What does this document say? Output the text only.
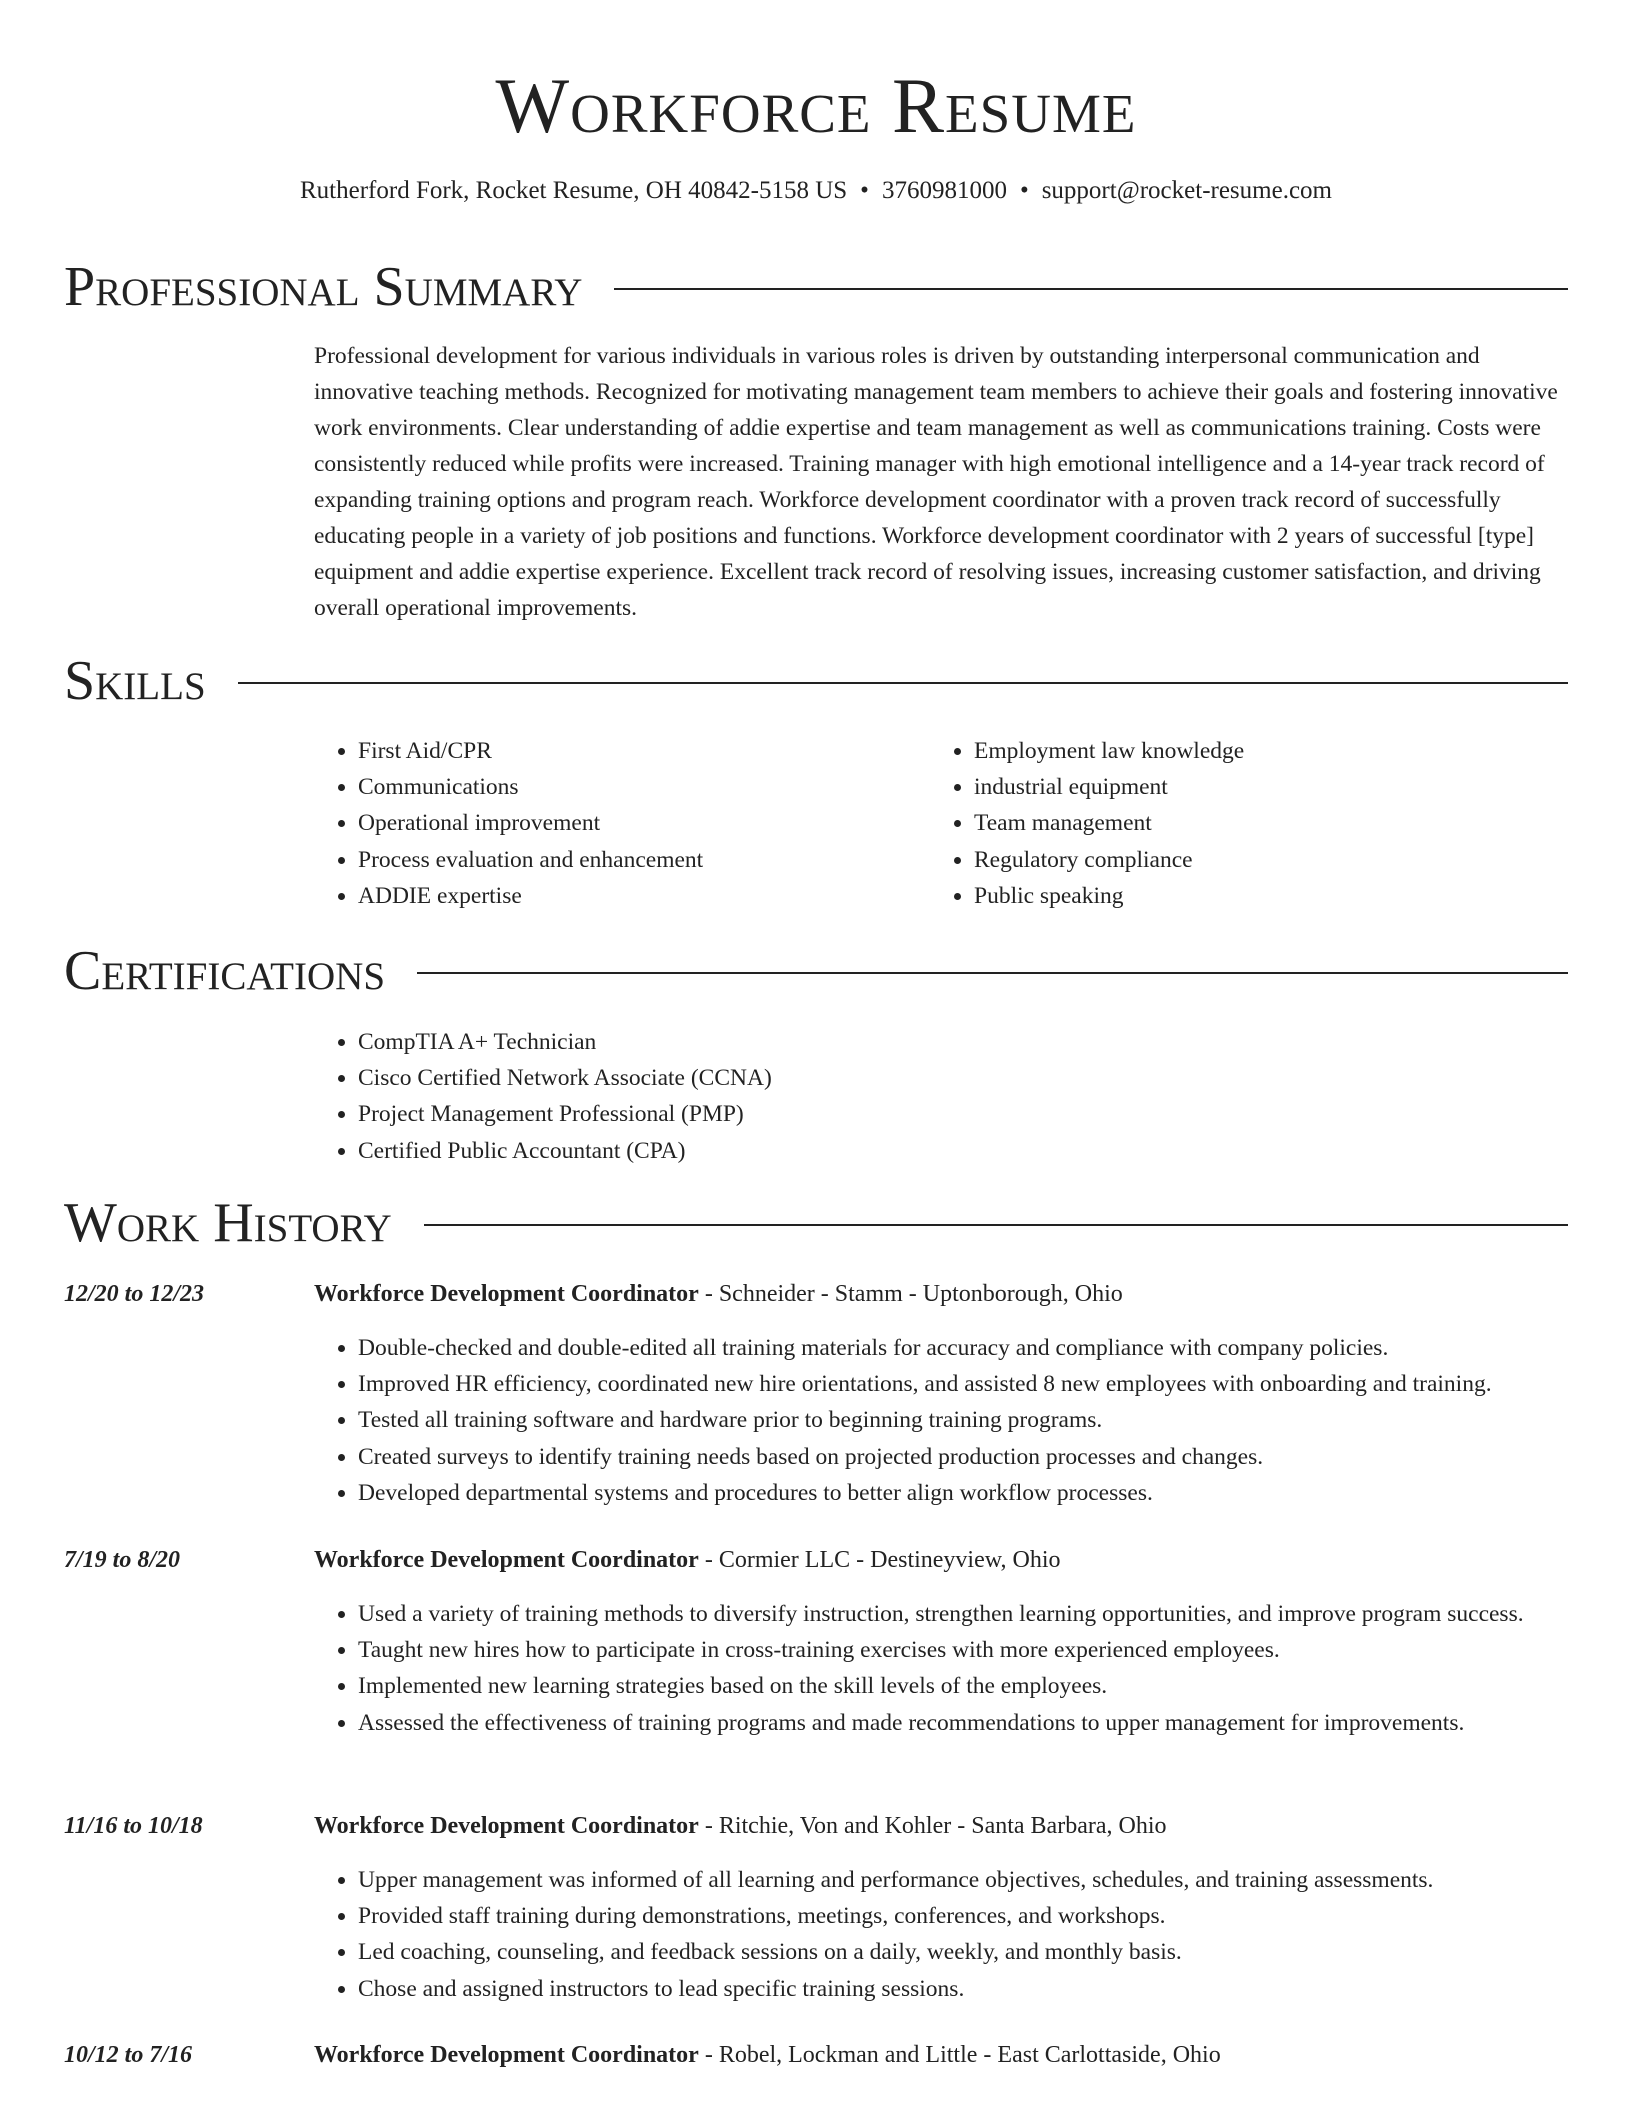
Workforce Resume
Rutherford Fork, Rocket Resume, OH 40842-5158 US • 3760981000 • support@rocket-resume.com
Professional Summary
Professional development for various individuals in various roles is driven by outstanding interpersonal communication and innovative teaching methods. Recognized for motivating management team members to achieve their goals and fostering innovative work environments. Clear understanding of addie expertise and team management as well as communications training. Costs were consistently reduced while profits were increased. Training manager with high emotional intelligence and a 14-year track record of expanding training options and program reach. Workforce development coordinator with a proven track record of successfully educating people in a variety of job positions and functions. Workforce development coordinator with 2 years of successful [type] equipment and addie expertise experience. Excellent track record of resolving issues, increasing customer satisfaction, and driving overall operational improvements.
Skills
• First Aid/CPR
• Communications
• Operational improvement
• Process evaluation and enhancement
• ADDIE expertise
• Employment law knowledge
• industrial equipment
• Team management
• Regulatory compliance
• Public speaking
Certifications
• CompTIA A+ Technician
• Cisco Certified Network Associate (CCNA)
• Project Management Professional (PMP)
• Certified Public Accountant (CPA)
Work History
12/20 to 12/23	Workforce Development Coordinator - Schneider - Stamm - Uptonborough, Ohio
• Double-checked and double-edited all training materials for accuracy and compliance with company policies.
• Improved HR efficiency, coordinated new hire orientations, and assisted 8 new employees with onboarding and training.
• Tested all training software and hardware prior to beginning training programs.
• Created surveys to identify training needs based on projected production processes and changes.
• Developed departmental systems and procedures to better align workflow processes.
7/19 to 8/20	Workforce Development Coordinator - Cormier LLC - Destineyview, Ohio
• Used a variety of training methods to diversify instruction, strengthen learning opportunities, and improve program success.
• Taught new hires how to participate in cross-training exercises with more experienced employees.
• Implemented new learning strategies based on the skill levels of the employees.
• Assessed the effectiveness of training programs and made recommendations to upper management for improvements.
11/16 to 10/18	Workforce Development Coordinator - Ritchie, Von and Kohler - Santa Barbara, Ohio
• Upper management was informed of all learning and performance objectives, schedules, and training assessments.
• Provided staff training during demonstrations, meetings, conferences, and workshops.
• Led coaching, counseling, and feedback sessions on a daily, weekly, and monthly basis.
• Chose and assigned instructors to lead specific training sessions.
10/12 to 7/16	Workforce Development Coordinator - Robel, Lockman and Little - East Carlottaside, Ohio
